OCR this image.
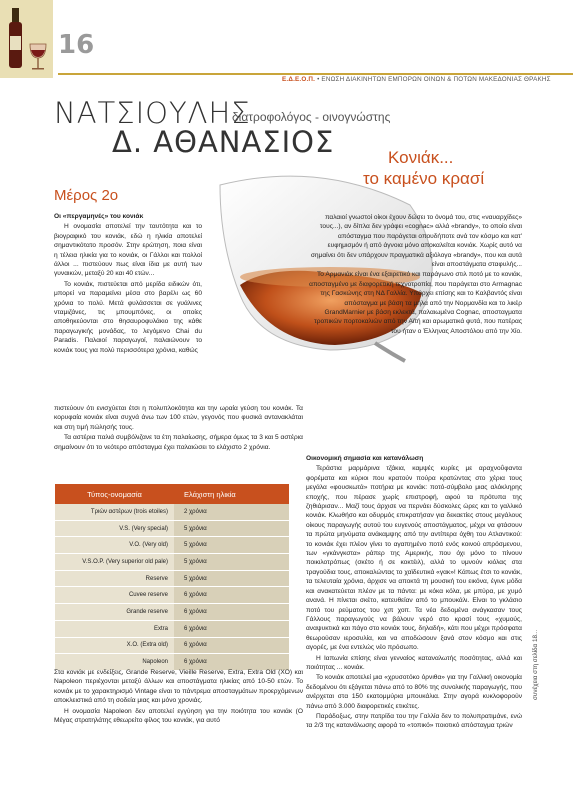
16
Ε.Δ.Ε.Ο.Π. • ΕΝΩΣΗ ΔΙΑΚΙΝΗΤΩΝ ΕΜΠΟΡΩΝ ΟΙΝΩΝ & ΠΟΤΩΝ ΜΑΚΕΔΟΝΙΑΣ ΘΡΑΚΗΣ
ΝΑΤΣΙΟΥΛΗΣ
διατροφολόγος - οινογνώστης
Δ. ΑΘΑΝΑΣΙΟΣ	Κονιάκ...
το καμένο κρασί
Μέρος 2ο

Οι «περγαμηνές» του κονιάκ

Η ονομασία αποτελεί την ταυτότητα και το βιογραφικό του κονιάκ, εδώ η ηλικία αποτελεί σημαντικότατο προσόν. Στην ερώτηση, ποια είναι η τέλεια ηλικία για το κονιάκ, οι Γάλλοι και πολλοί άλλοι ... πιστεύουν πως είναι ίδια με αυτή των γυναικών, μεταξύ 20 και 40 ετών...

Το κονιάκ, πιστεύεται από μερίδα ειδικών ότι, μπορεί να παραμείνει μέσα στο βαρέλι ως 60 χρόνια το πολύ. Μετά φυλάσσεται σε γυάλινες νταμιζάνες, τις μπουμπόνες, οι οποίες αποθηκεύονται στο θησαυροφυλάκιο της κάθε παραγωγικής μονάδας, το λεγόμενο Chai du Paradis. Παλαιοί παραγωγοί, παλαιώνουν το κονιάκ τους για πολύ περισσότερα χρόνια, καθώς

πιστεύουν ότι ενισχύεται έτσι η πολυπλοκότητα και την ωραία γεύση του κονιάκ. Τα κορυφαία κονιάκ είναι συχνά άνω των 100 ετών, γεγονός που φυσικά αντανακλάται και στη τιμή πώλησής τους.

Τα αστέρια παλιά συμβόλιζανε τα έτη παλαίωσης, σήμερα όμως τα 3 και 5 αστέρια σημαίνουν ότι το νεότερο απόσταγμα έχει παλαιώσει το ελάχιστο 2 χρόνια.

Τύπος-ονομασία	Ελάχιστη ηλικία
Τριών αστέρων (trois etoiles)	2 χρόνια
V.S. (Very special)	5 χρόνια
V.O. (Very old)	5 χρόνια
V.S.O.P. (Very superior old pale)	5 χρόνια
Reserve	5 χρόνια
Cuvee reserve	6 χρόνια
Grande reserve	6 χρόνια
Extra	6 χρόνια
X.O. (Extra old)	6 χρόνια
Napoleon	6 χρόνια

Στα κονιάκ με ενδείξεις, Grande Reserve, Vieille Reserve, Extra, Extra Old (XO) και Napoleon περιέχονται μεταξύ άλλων και αποστάγματα ηλικίας από 10-50 ετών. Το κονιάκ με το χαρακτηρισμό Vintage είναι το πάντρεμα αποσταγμάτων προερχόμενων αποκλειστικά από τη σοδεία μιας και μόνο χρονιάς.

Η ονομασία Napoleon δεν αποτελεί εγγύηση για την ποιότητα του κονιάκ (Ο Μέγας στρατηλάτης εθεωρείτο φίλος του κονιάκ, για αυτό

παλαιοί γνωστοί οίκοι έχουν δώσει το όνομά του, στις «ναυαρχίδες» τους...), αν δίπλα δεν γράφει «cognac» αλλά «brandy», το οποίο είναι απόσταγμα που παράγεται οπουδήποτε ανά τον κόσμο και κατ' ευφημισμόν ή από άγνοια μόνο αποκαλείται κονιάκ. Χωρίς αυτό να σημαίνει ότι δεν υπάρχουν πραγματικά αξιόλογα «brandy», που και αυτά είναι αποστάγματα σταφυλής...

Το Αρμανιάκ είναι ένα εξαιρετικό και παράγωνο στιλ ποτό με το κονιάκ, αποσταγμένο με διαφορετική τεχνοτροπία, που παράγεται στο Armagnac της Γασκώνης στη ΝΔ Γαλλία. Υπάρχει επίσης και το Καλβαντός είναι απόσταγμα με βάση τα μήλα από την Νορμανδία και το λικέρ GrandMarnier με βάση εκλεκτά, παλαιωμένα Cognac, αποσταγματα τροπικών πορτοκαλιών από την Αϊτή και αρωματικά φυτά, που πατέρας του ήταν ο Έλληνας Αποστόλου από την Χίο.

Οικονομική σημασία και κατανάλωση

Τεράστια μαρμάρινα τζάκια, καμψές κυρίες με αραχνοΰφαντα φορέματα και κύριοι που κρατούν πούρα κρατώντας στο χέρια τους μεγάλα «φουσκωτά» ποτήρια με κονιάκ: ποτό-σύμβολο μιας αλόκληρης εποχής, που πέρασε χωρίς επιστροφή, αφού τα πρότυπα της ζηθιάρισαν... Μαζί τους άρχισε να περνάει δύσκολες ώρες και το γαλλικό κονιάκ. Κλωθήσο και οδυρμός επικρατήσαν για δεκαετίες στους μεγάλους οίκους παραγωγής αυτού του ευγενούς αποστάγματος, μέχρι να φτάσουν τα πρώτα μηνύματα ανάκαμψης από την αντίπερα όχθη του Ατλαντικού: το κονιάκ έχει πλέον γίνει το αγαπημένο ποτό ενός κοινού απρόσμενου, των «γκάνγκστα» ράπερ της Αμερικής, που όχι μόνο το πίνουν ποικιλοτρόπως (σκέτο ή σε κοκτέιλ), αλλά το υμνούν κιόλας στα τραγούδια τους, αποκαλώντας το χαϊδευτικά «γακ»! Κάπως έτσι το κονιάκ, τα τελευταία χρόνια, άρχισε να αποκτά τη μουσική του εικόνα, έγινε μόδα και ανακατεύεται πλέον με τα πάντα: με κόκα κόλα, με μπύρα, με χυμό ανανά. Η πίνεται σκέτο, κατευθείαν από το μπουκάλι. Είναι το γκλάσιο ποτό του ρεύματος του χιπ χοπ. Τα νέα δεδομένα ανάγκασαν τους Γάλλους παραγωγούς να βάλουν νερό στο κρασί τους «χυμούς, αναψυκτικά και πάγο στο κονιάκ τους, δηλαδή», κάτι που μέχρι πρόσφατα θεωρούσαν ιεροσυλία, και να αποδώσουν ξανά στον κόσμο και στις αγορές, με ένα εντελώς νέο πρόσωπο.

Η Ιαπωνία επίσης είναι γενναίος καταναλωτής ποσότητας, αλλά και ποιότητας ... κονιάκ.

Το κονιάκ αποτελεί μια «χρυσοτόκο όρνιθα» για την Γαλλική οικονομία δεδομένου ότι εξάγεται πάνω από το 80% της συνολικής παραγωγής, που ανέρχεται στα 150 εκατομμύρια μπουκάλια. Στην αγορά κυκλοφορούν πάνω από 3.000 διαφορετικές ετικέτες.

Παράδοξως, στην πατρίδα του την Γαλλία δεν το πολυπρατιμάνε, ενώ τα 2/3 της κατανάλωσης αφορά το «τοπικό» ποιοτικό απόσταγμα τριών

συνέχεια στη σελίδα 18...
